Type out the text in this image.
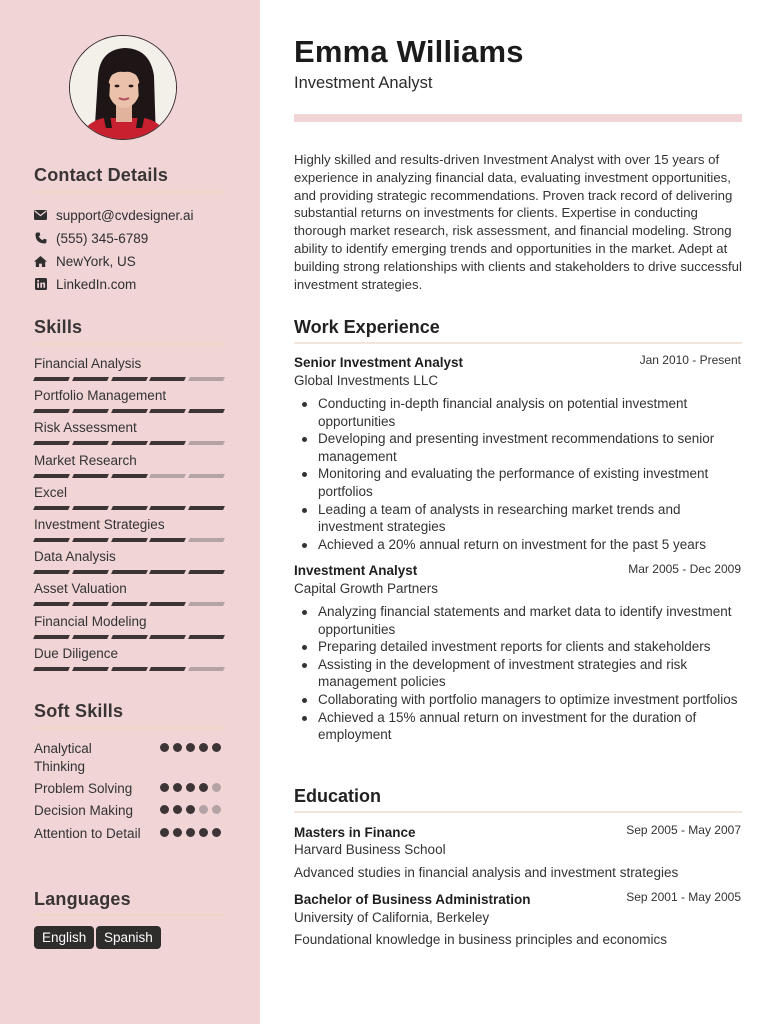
Contact Details
support@cvdesigner.ai
(555) 345-6789
NewYork, US
LinkedIn.com
Skills
Financial Analysis
Portfolio Management
Risk Assessment
Market Research
Excel
Investment Strategies
Data Analysis
Asset Valuation
Financial Modeling
Due Diligence
Soft Skills
Analytical Thinking
Problem Solving
Decision Making
Attention to Detail
Languages
English	Spanish
Emma Williams
Investment Analyst

Highly skilled and results-driven Investment Analyst with over 15 years of experience in analyzing financial data, evaluating investment opportunities, and providing strategic recommendations. Proven track record of delivering substantial returns on investments for clients. Expertise in conducting thorough market research, risk assessment, and financial modeling. Strong ability to identify emerging trends and opportunities in the market. Adept at building strong relationships with clients and stakeholders to drive successful investment strategies.

Work Experience
Senior Investment Analyst	Jan 2010 - Present
Global Investments LLC
Conducting in-depth financial analysis on potential investment opportunities
Developing and presenting investment recommendations to senior management
Monitoring and evaluating the performance of existing investment portfolios
Leading a team of analysts in researching market trends and investment strategies
Achieved a 20% annual return on investment for the past 5 years
Investment Analyst	Mar 2005 - Dec 2009
Capital Growth Partners
Analyzing financial statements and market data to identify investment opportunities
Preparing detailed investment reports for clients and stakeholders
Assisting in the development of investment strategies and risk management policies
Collaborating with portfolio managers to optimize investment portfolios
Achieved a 15% annual return on investment for the duration of employment
Education
Masters in Finance	Sep 2005 - May 2007
Harvard Business School
Advanced studies in financial analysis and investment strategies
Bachelor of Business Administration	Sep 2001 - May 2005
University of California, Berkeley
Foundational knowledge in business principles and economics
